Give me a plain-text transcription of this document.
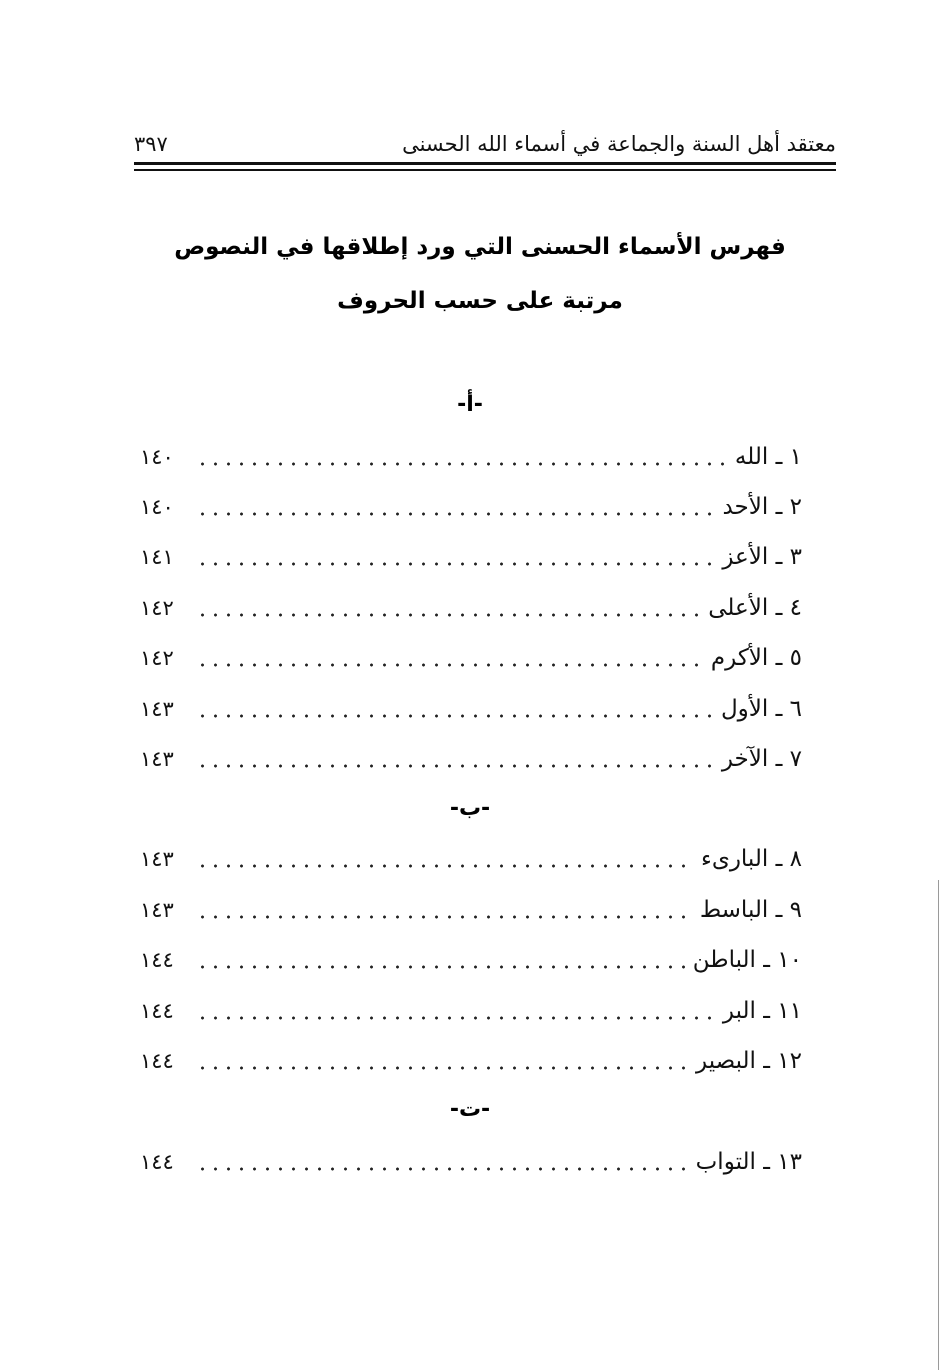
معتقد أهل السنة والجماعة في أسماء الله الحسنى
٣٩٧
فهرس الأسماء الحسنى التي ورد إطلاقها في النصوص
مرتبة على حسب الحروف
-أ-
١ ـ الله
١٤٠
٢ ـ الأحد
١٤٠
٣ ـ الأعز
١٤١
٤ ـ الأعلى
١٤٢
٥ ـ الأكرم
١٤٢
٦ ـ الأول
١٤٣
٧ ـ الآخر
١٤٣
-ب-
٨ ـ البارىء
١٤٣
٩ ـ الباسط
١٤٣
١٠ ـ الباطن
١٤٤
١١ ـ البر
١٤٤
١٢ ـ البصير
١٤٤
-ت-
١٣ ـ التواب
١٤٤
